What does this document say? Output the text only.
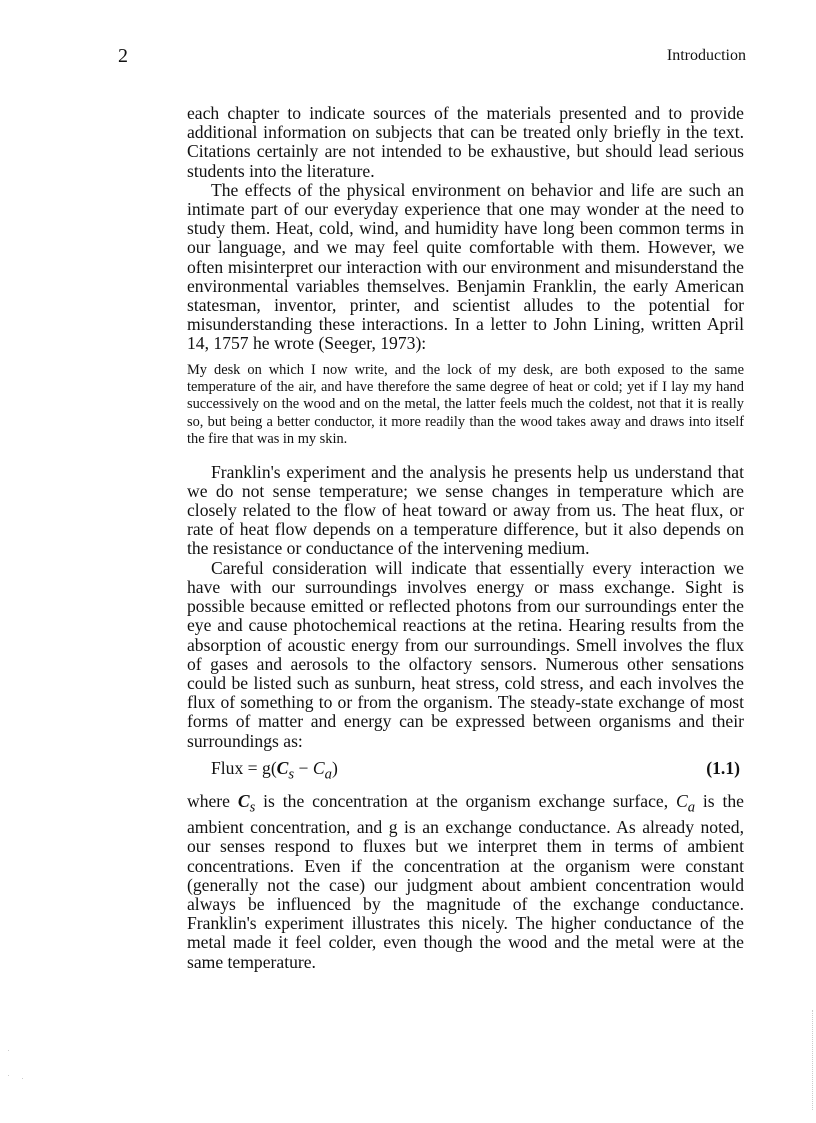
2	Introduction

each chapter to indicate sources of the materials presented and to provide additional information on subjects that can be treated only briefly in the text. Citations certainly are not intended to be exhaustive, but should lead serious students into the literature.

The effects of the physical environment on behavior and life are such an intimate part of our everyday experience that one may wonder at the need to study them. Heat, cold, wind, and humidity have long been common terms in our language, and we may feel quite comfortable with them. However, we often misinterpret our interaction with our environment and misunderstand the environmental variables themselves. Benjamin Franklin, the early American statesman, inventor, printer, and scientist alludes to the potential for misunderstanding these interactions. In a letter to John Lining, written April 14, 1757 he wrote (Seeger, 1973):

My desk on which I now write, and the lock of my desk, are both exposed to the same temperature of the air, and have therefore the same degree of heat or cold; yet if I lay my hand successively on the wood and on the metal, the latter feels much the coldest, not that it is really so, but being a better conductor, it more readily than the wood takes away and draws into itself the fire that was in my skin.

Franklin's experiment and the analysis he presents help us understand that we do not sense temperature; we sense changes in temperature which are closely related to the flow of heat toward or away from us. The heat flux, or rate of heat flow depends on a temperature difference, but it also depends on the resistance or conductance of the intervening medium.

Careful consideration will indicate that essentially every interaction we have with our surroundings involves energy or mass exchange. Sight is possible because emitted or reflected photons from our surroundings enter the eye and cause photochemical reactions at the retina. Hearing results from the absorption of acoustic energy from our surroundings. Smell involves the flux of gases and aerosols to the olfactory sensors. Numerous other sensations could be listed such as sunburn, heat stress, cold stress, and each involves the flux of something to or from the organism. The steady-state exchange of most forms of matter and energy can be expressed between organisms and their surroundings as:

Flux = $g(C_s - C_a)$	(1.1)

where $C_s$ is the concentration at the organism exchange surface, $C_a$ is the ambient concentration, and g is an exchange conductance. As already noted, our senses respond to fluxes but we interpret them in terms of ambient concentrations. Even if the concentration at the organism were constant (generally not the case) our judgment about ambient concentration would always be influenced by the magnitude of the exchange conductance. Franklin's experiment illustrates this nicely. The higher conductance of the metal made it feel colder, even though the wood and the metal were at the same temperature.
